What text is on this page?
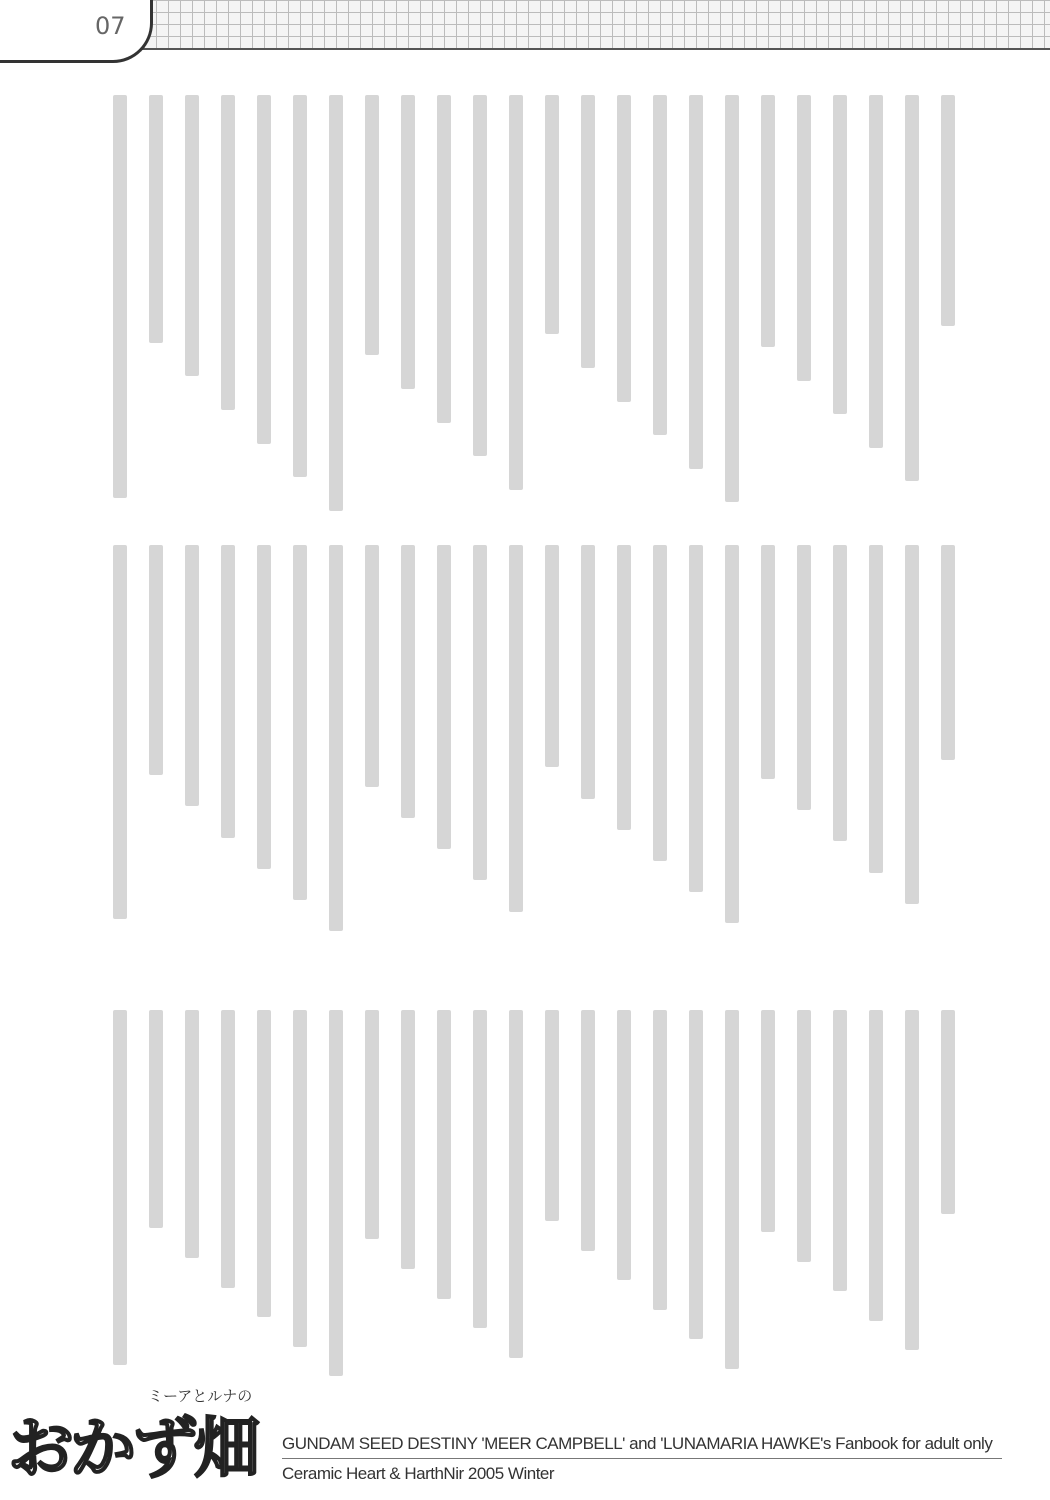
07
ミーアとルナの
おかず畑 GUNDAM SEED DESTINY 'MEER CAMPBELL' and 'LUNAMARIA HAWKE's Fanbook for adult only
Ceramic Heart & HarthNir 2005 Winter
